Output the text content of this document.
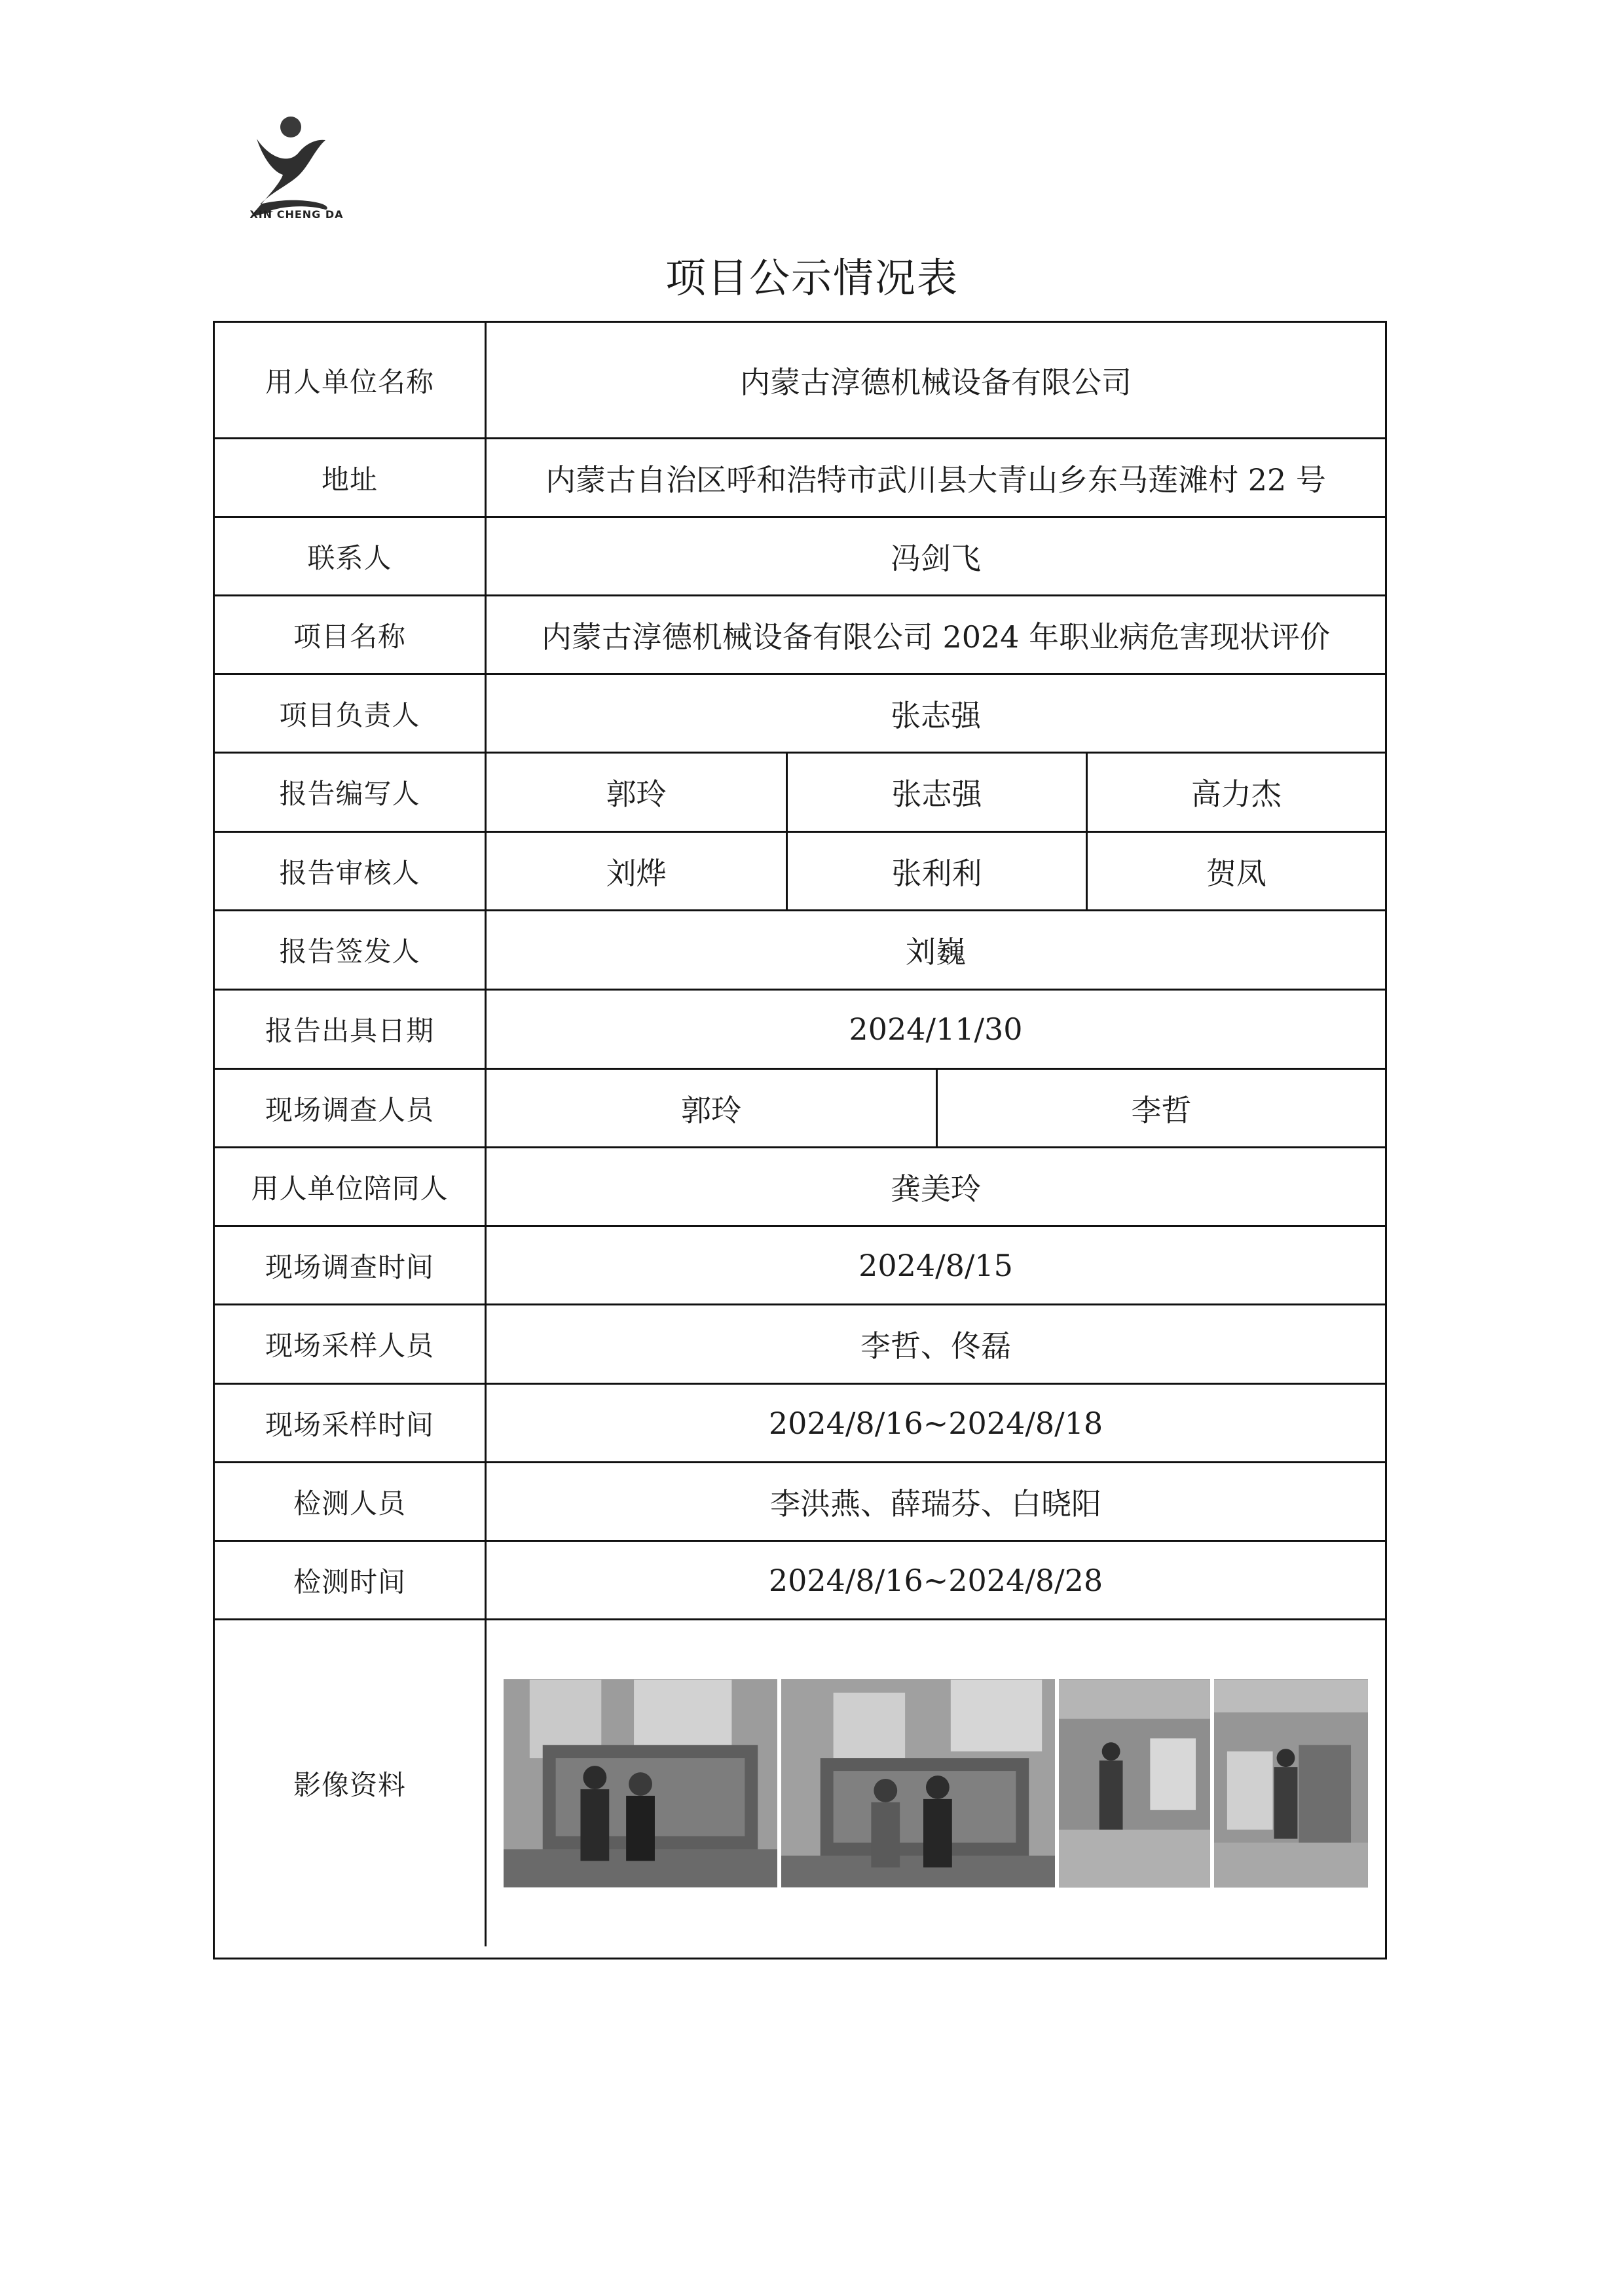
XIN CHENG DA
项目公示情况表
用人单位名称	内蒙古淳德机械设备有限公司
地址	内蒙古自治区呼和浩特市武川县大青山乡东马莲滩村 22 号
联系人	冯剑飞
项目名称	内蒙古淳德机械设备有限公司 2024 年职业病危害现状评价
项目负责人	张志强
报告编写人	郭玲	张志强	高力杰
报告审核人	刘烨	张利利	贺凤
报告签发人	刘巍
报告出具日期	2024/11/30
现场调查人员	郭玲	李哲
用人单位陪同人	龚美玲
现场调查时间	2024/8/15
现场采样人员	李哲、佟磊
现场采样时间	2024/8/16~2024/8/18
检测人员	李洪燕、薛瑞芬、白晓阳
检测时间	2024/8/16~2024/8/28
影像资料
